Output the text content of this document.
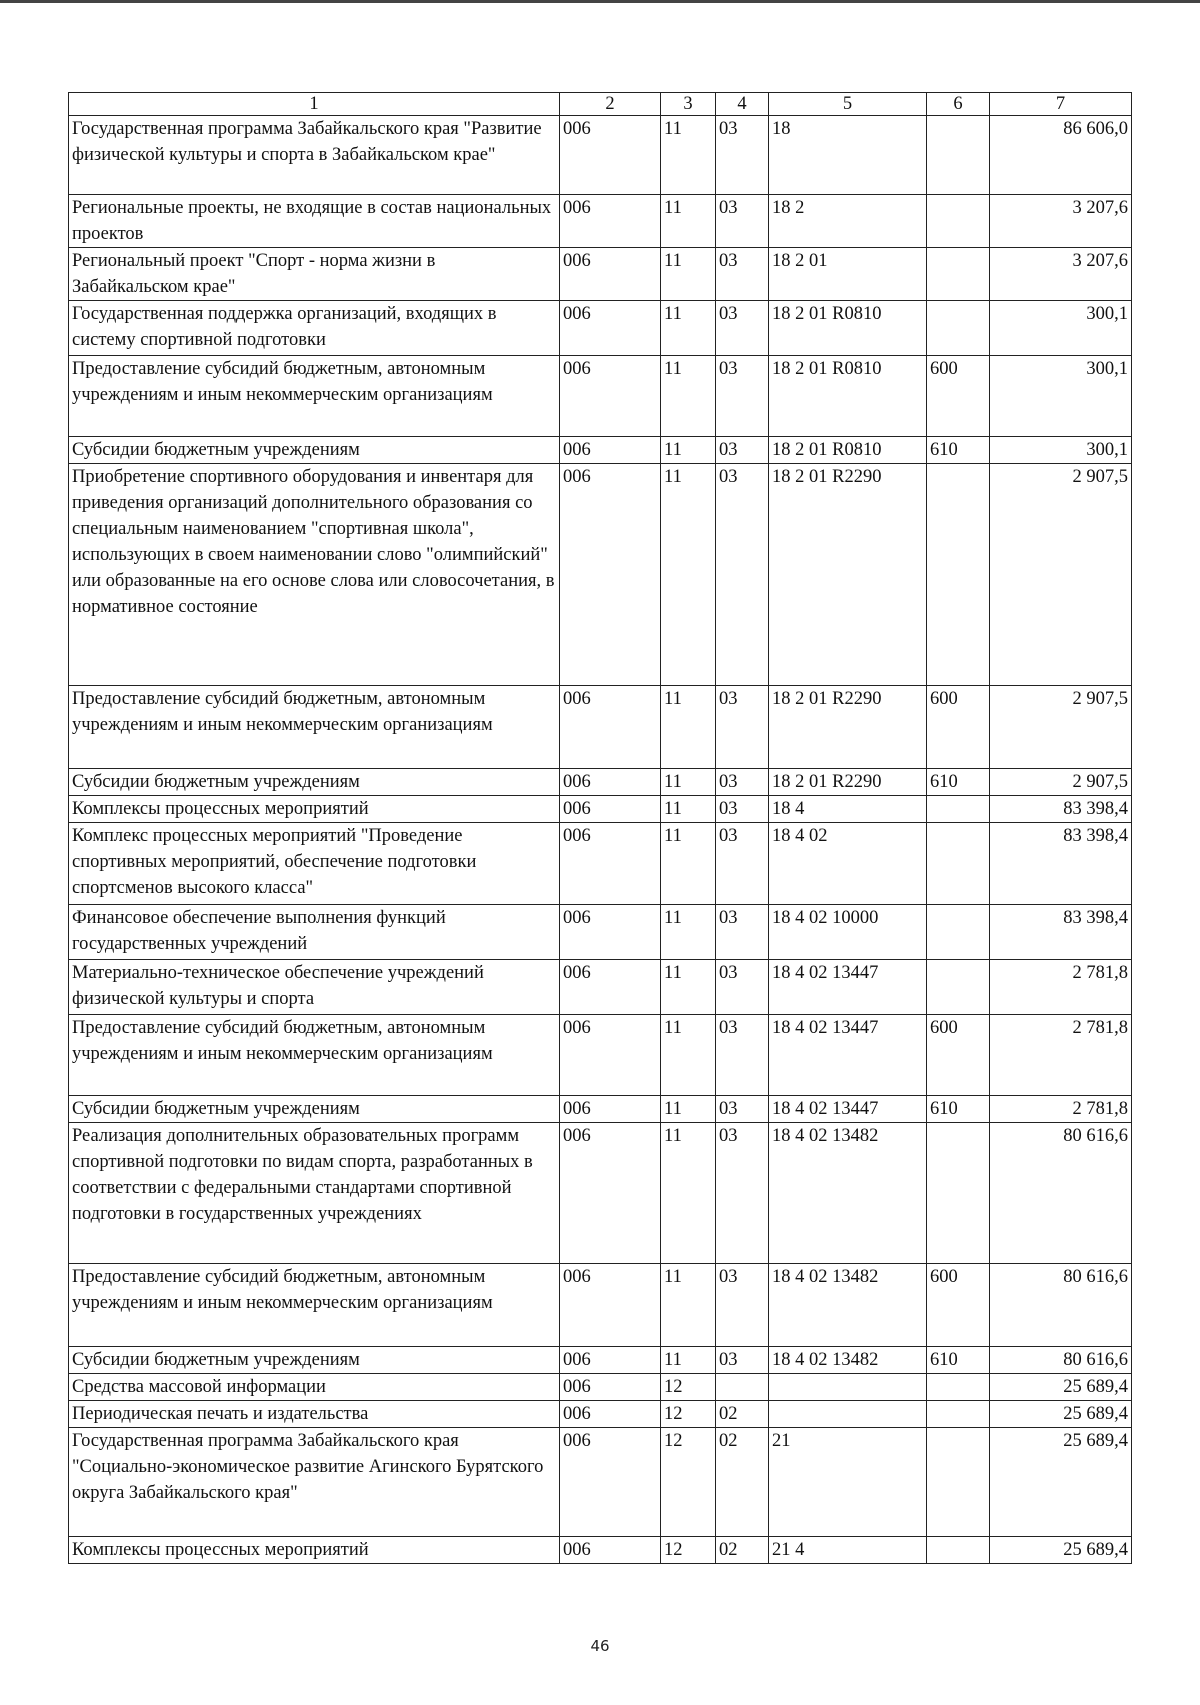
1	2	3	4	5	6	7
Государственная программа Забайкальского края "Развитие физической культуры и спорта в Забайкальском крае"	006	11	03	18		86 606,0
Региональные проекты, не входящие в состав национальных проектов	006	11	03	18 2		3 207,6
Региональный проект "Спорт - норма жизни в Забайкальском крае"	006	11	03	18 2 01		3 207,6
Государственная поддержка организаций, входящих в систему спортивной подготовки	006	11	03	18 2 01 R0810		300,1
Предоставление субсидий бюджетным, автономным учреждениям и иным некоммерческим организациям	006	11	03	18 2 01 R0810	600	300,1
Субсидии бюджетным учреждениям	006	11	03	18 2 01 R0810	610	300,1
Приобретение спортивного оборудования и инвентаря для приведения организаций дополнительного образования со специальным наименованием "спортивная школа", использующих в своем наименовании слово "олимпийский" или образованные на его основе слова или словосочетания, в нормативное состояние	006	11	03	18 2 01 R2290		2 907,5
Предоставление субсидий бюджетным, автономным учреждениям и иным некоммерческим организациям	006	11	03	18 2 01 R2290	600	2 907,5
Субсидии бюджетным учреждениям	006	11	03	18 2 01 R2290	610	2 907,5
Комплексы процессных мероприятий	006	11	03	18 4		83 398,4
Комплекс процессных мероприятий "Проведение спортивных мероприятий, обеспечение подготовки спортсменов высокого класса"	006	11	03	18 4 02		83 398,4
Финансовое обеспечение выполнения функций государственных учреждений	006	11	03	18 4 02 10000		83 398,4
Материально-техническое обеспечение учреждений физической культуры и спорта	006	11	03	18 4 02 13447		2 781,8
Предоставление субсидий бюджетным, автономным учреждениям и иным некоммерческим организациям	006	11	03	18 4 02 13447	600	2 781,8
Субсидии бюджетным учреждениям	006	11	03	18 4 02 13447	610	2 781,8
Реализация дополнительных образовательных программ спортивной подготовки по видам спорта, разработанных в соответствии с федеральными стандартами спортивной подготовки в государственных учреждениях	006	11	03	18 4 02 13482		80 616,6
Предоставление субсидий бюджетным, автономным учреждениям и иным некоммерческим организациям	006	11	03	18 4 02 13482	600	80 616,6
Субсидии бюджетным учреждениям	006	11	03	18 4 02 13482	610	80 616,6
Средства массовой информации	006	12				25 689,4
Периодическая печать и издательства	006	12	02			25 689,4
Государственная программа Забайкальского края "Социально-экономическое развитие Агинского Бурятского округа Забайкальского края"	006	12	02	21		25 689,4
Комплексы процессных мероприятий	006	12	02	21 4		25 689,4
46
